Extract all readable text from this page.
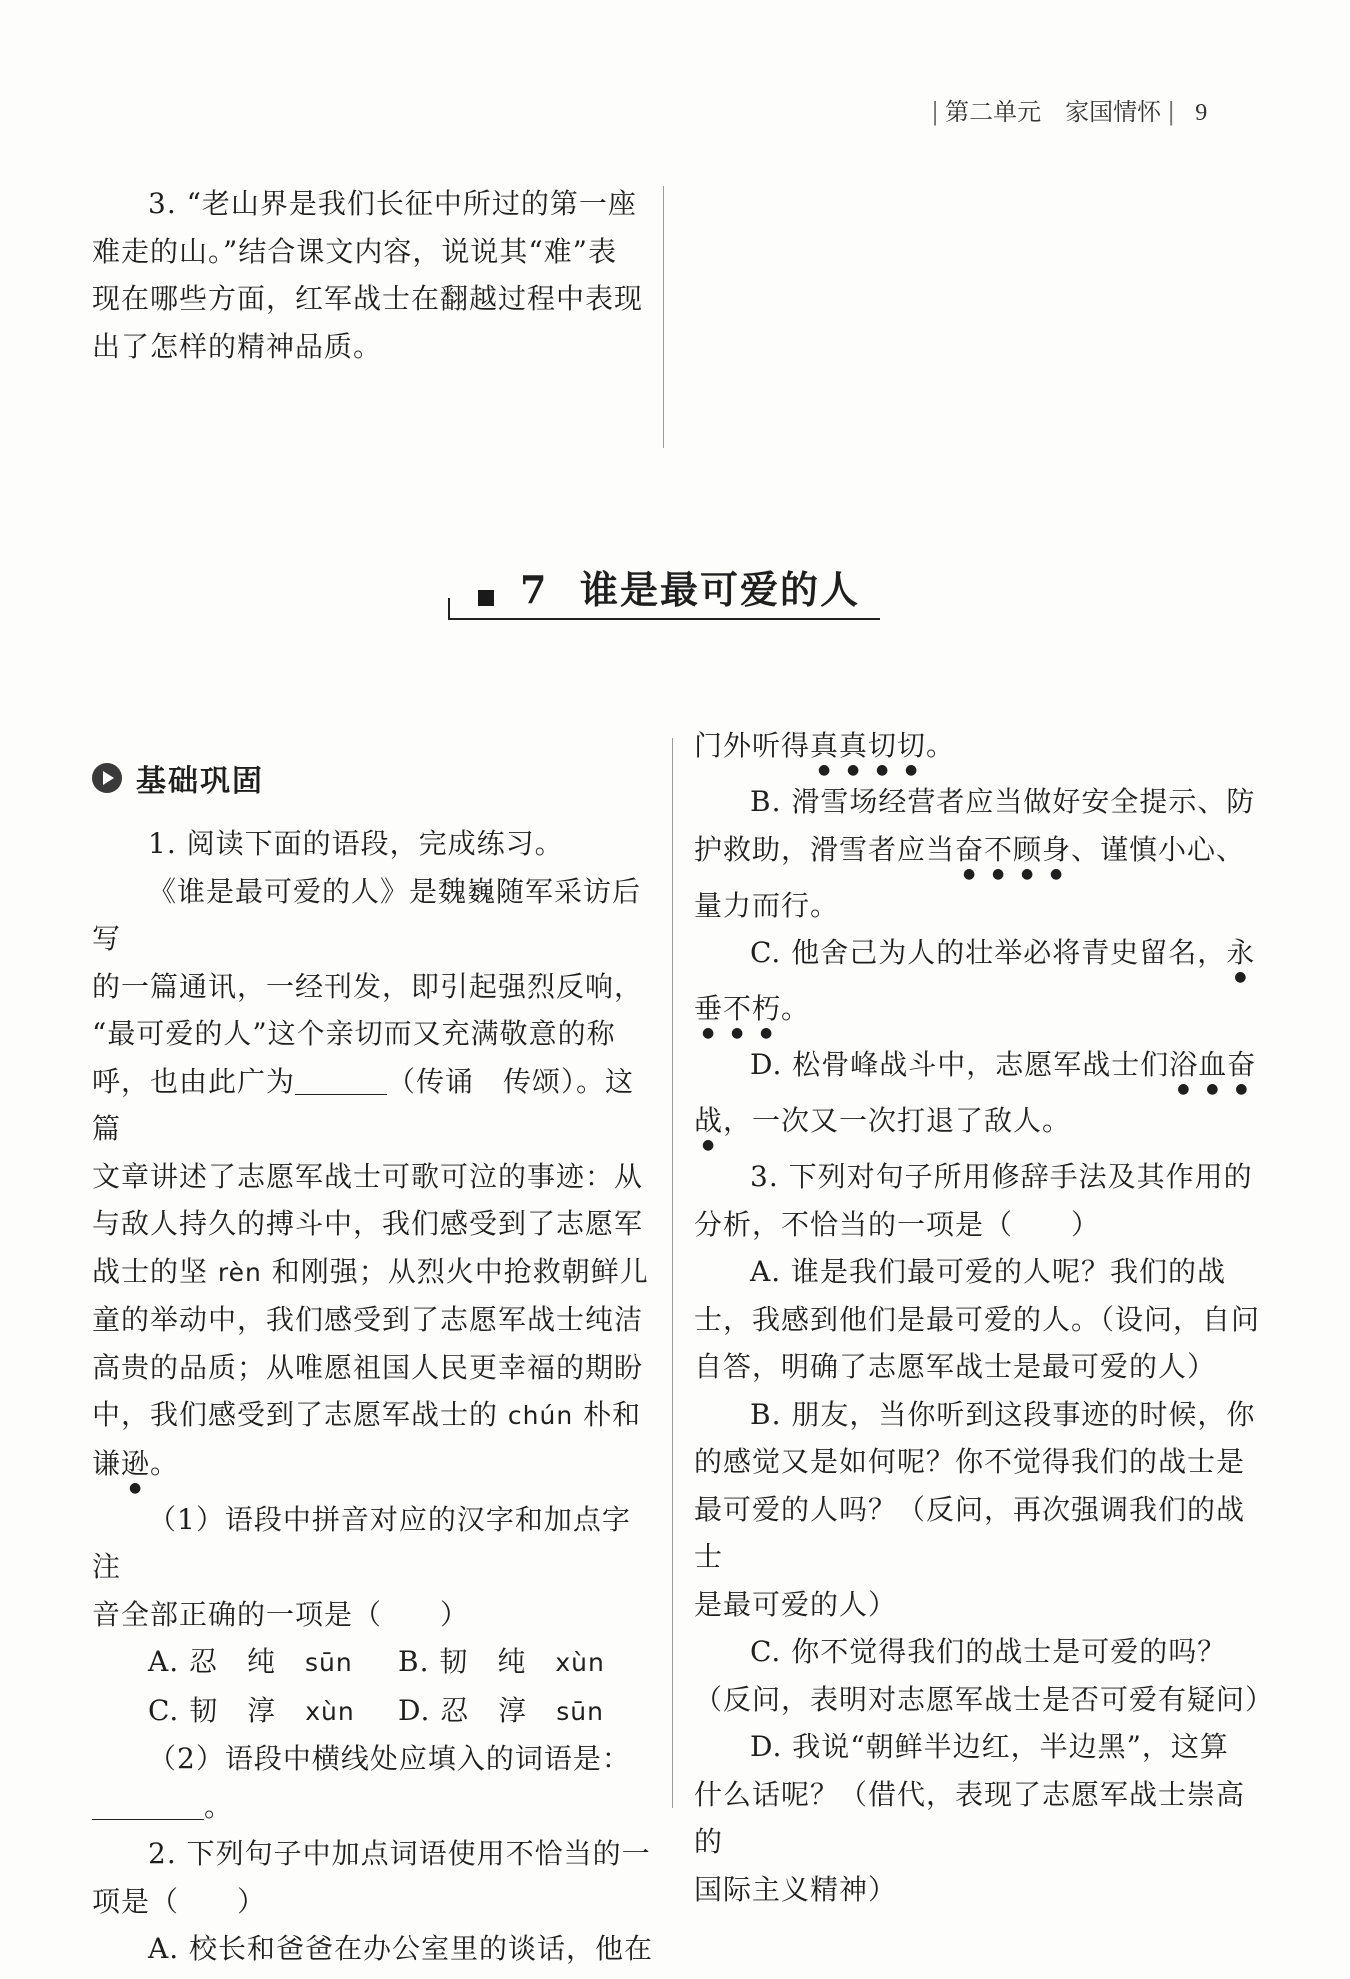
| 第二单元　 家国情怀 | 9

3. “老山界是我们长征中所过的第一座

难走的山。”结合课文内容，说说其“难”表

现在哪些方面，红军战士在翻越过程中表现

出了怎样的精神品质。

7 谁是最可爱的人
基础巩固

1. 阅读下面的语段，完成练习。

《谁是最可爱的人》是魏巍随军采访后写

的一篇通讯，一经刊发，即引起强烈反响，

“最可爱的人”这个亲切而又充满敬意的称

呼，也由此广为	（传诵　传颂）。这篇

文章讲述了志愿军战士可歌可泣的事迹：从

与敌人持久的搏斗中，我们感受到了志愿军

战士的坚 rèn 和刚强；从烈火中抢救朝鲜儿

童的举动中，我们感受到了志愿军战士纯洁

高贵的品质；从唯愿祖国人民更幸福的期盼

中，我们感受到了志愿军战士的 chún 朴和

谦逊。

（1）语段中拼音对应的汉字和加点字注

音全部正确的一项是（　　）

A. 忍　纯　sūn B. 韧　纯　xùn

C. 韧　淳　xùn D. 忍　淳　sūn

（2）语段中横线处应填入的词语是：

。

2. 下列句子中加点词语使用不恰当的一

项是（　　）

A. 校长和爸爸在办公室里的谈话，他在

门外听得真真切切。

B. 滑雪场经营者应当做好安全提示、防

护救助，滑雪者应当奋不顾身、谨慎小心、

量力而行。

C. 他舍己为人的壮举必将青史留名，永

垂不朽。

D. 松骨峰战斗中，志愿军战士们浴血奋

战，一次又一次打退了敌人。

3. 下列对句子所用修辞手法及其作用的

分析，不恰当的一项是（　　）

A. 谁是我们最可爱的人呢？我们的战

士，我感到他们是最可爱的人。（设问，自问

自答，明确了志愿军战士是最可爱的人）

B. 朋友，当你听到这段事迹的时候，你

的感觉又是如何呢？你不觉得我们的战士是

最可爱的人吗？（反问，再次强调我们的战士

是最可爱的人）

C. 你不觉得我们的战士是可爱的吗？

（反问，表明对志愿军战士是否可爱有疑问）

D. 我说“朝鲜半边红，半边黑”，这算

什么话呢？（借代，表现了志愿军战士崇高的

国际主义精神）
